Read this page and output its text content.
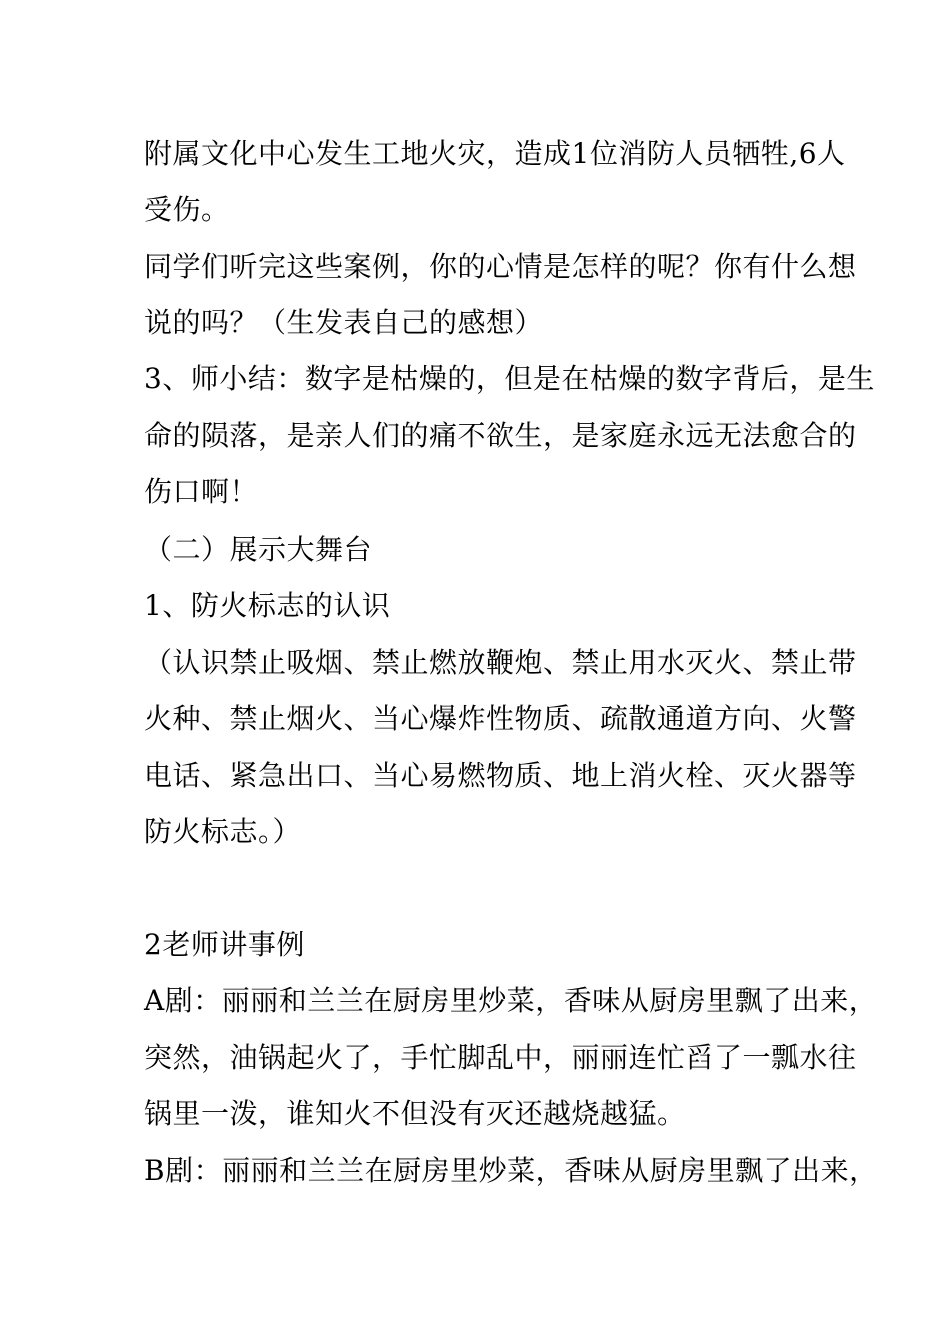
附属文化中心发生工地火灾，造成1位消防人员牺牲,6人
受伤。
同学们听完这些案例，你的心情是怎样的呢？你有什么想
说的吗？（生发表自己的感想）
3、师小结：数字是枯燥的，但是在枯燥的数字背后，是生
命的陨落，是亲人们的痛不欲生，是家庭永远无法愈合的
伤口啊！
（二）展示大舞台
1、防火标志的认识
（认识禁止吸烟、禁止燃放鞭炮、禁止用水灭火、禁止带
火种、禁止烟火、当心爆炸性物质、疏散通道方向、火警
电话、紧急出口、当心易燃物质、地上消火栓、灭火器等
防火标志。）
2老师讲事例
A剧：丽丽和兰兰在厨房里炒菜，香味从厨房里飘了出来，
突然，油锅起火了，手忙脚乱中，丽丽连忙舀了一瓢水往
锅里一泼，谁知火不但没有灭还越烧越猛。
B剧：丽丽和兰兰在厨房里炒菜，香味从厨房里飘了出来，
